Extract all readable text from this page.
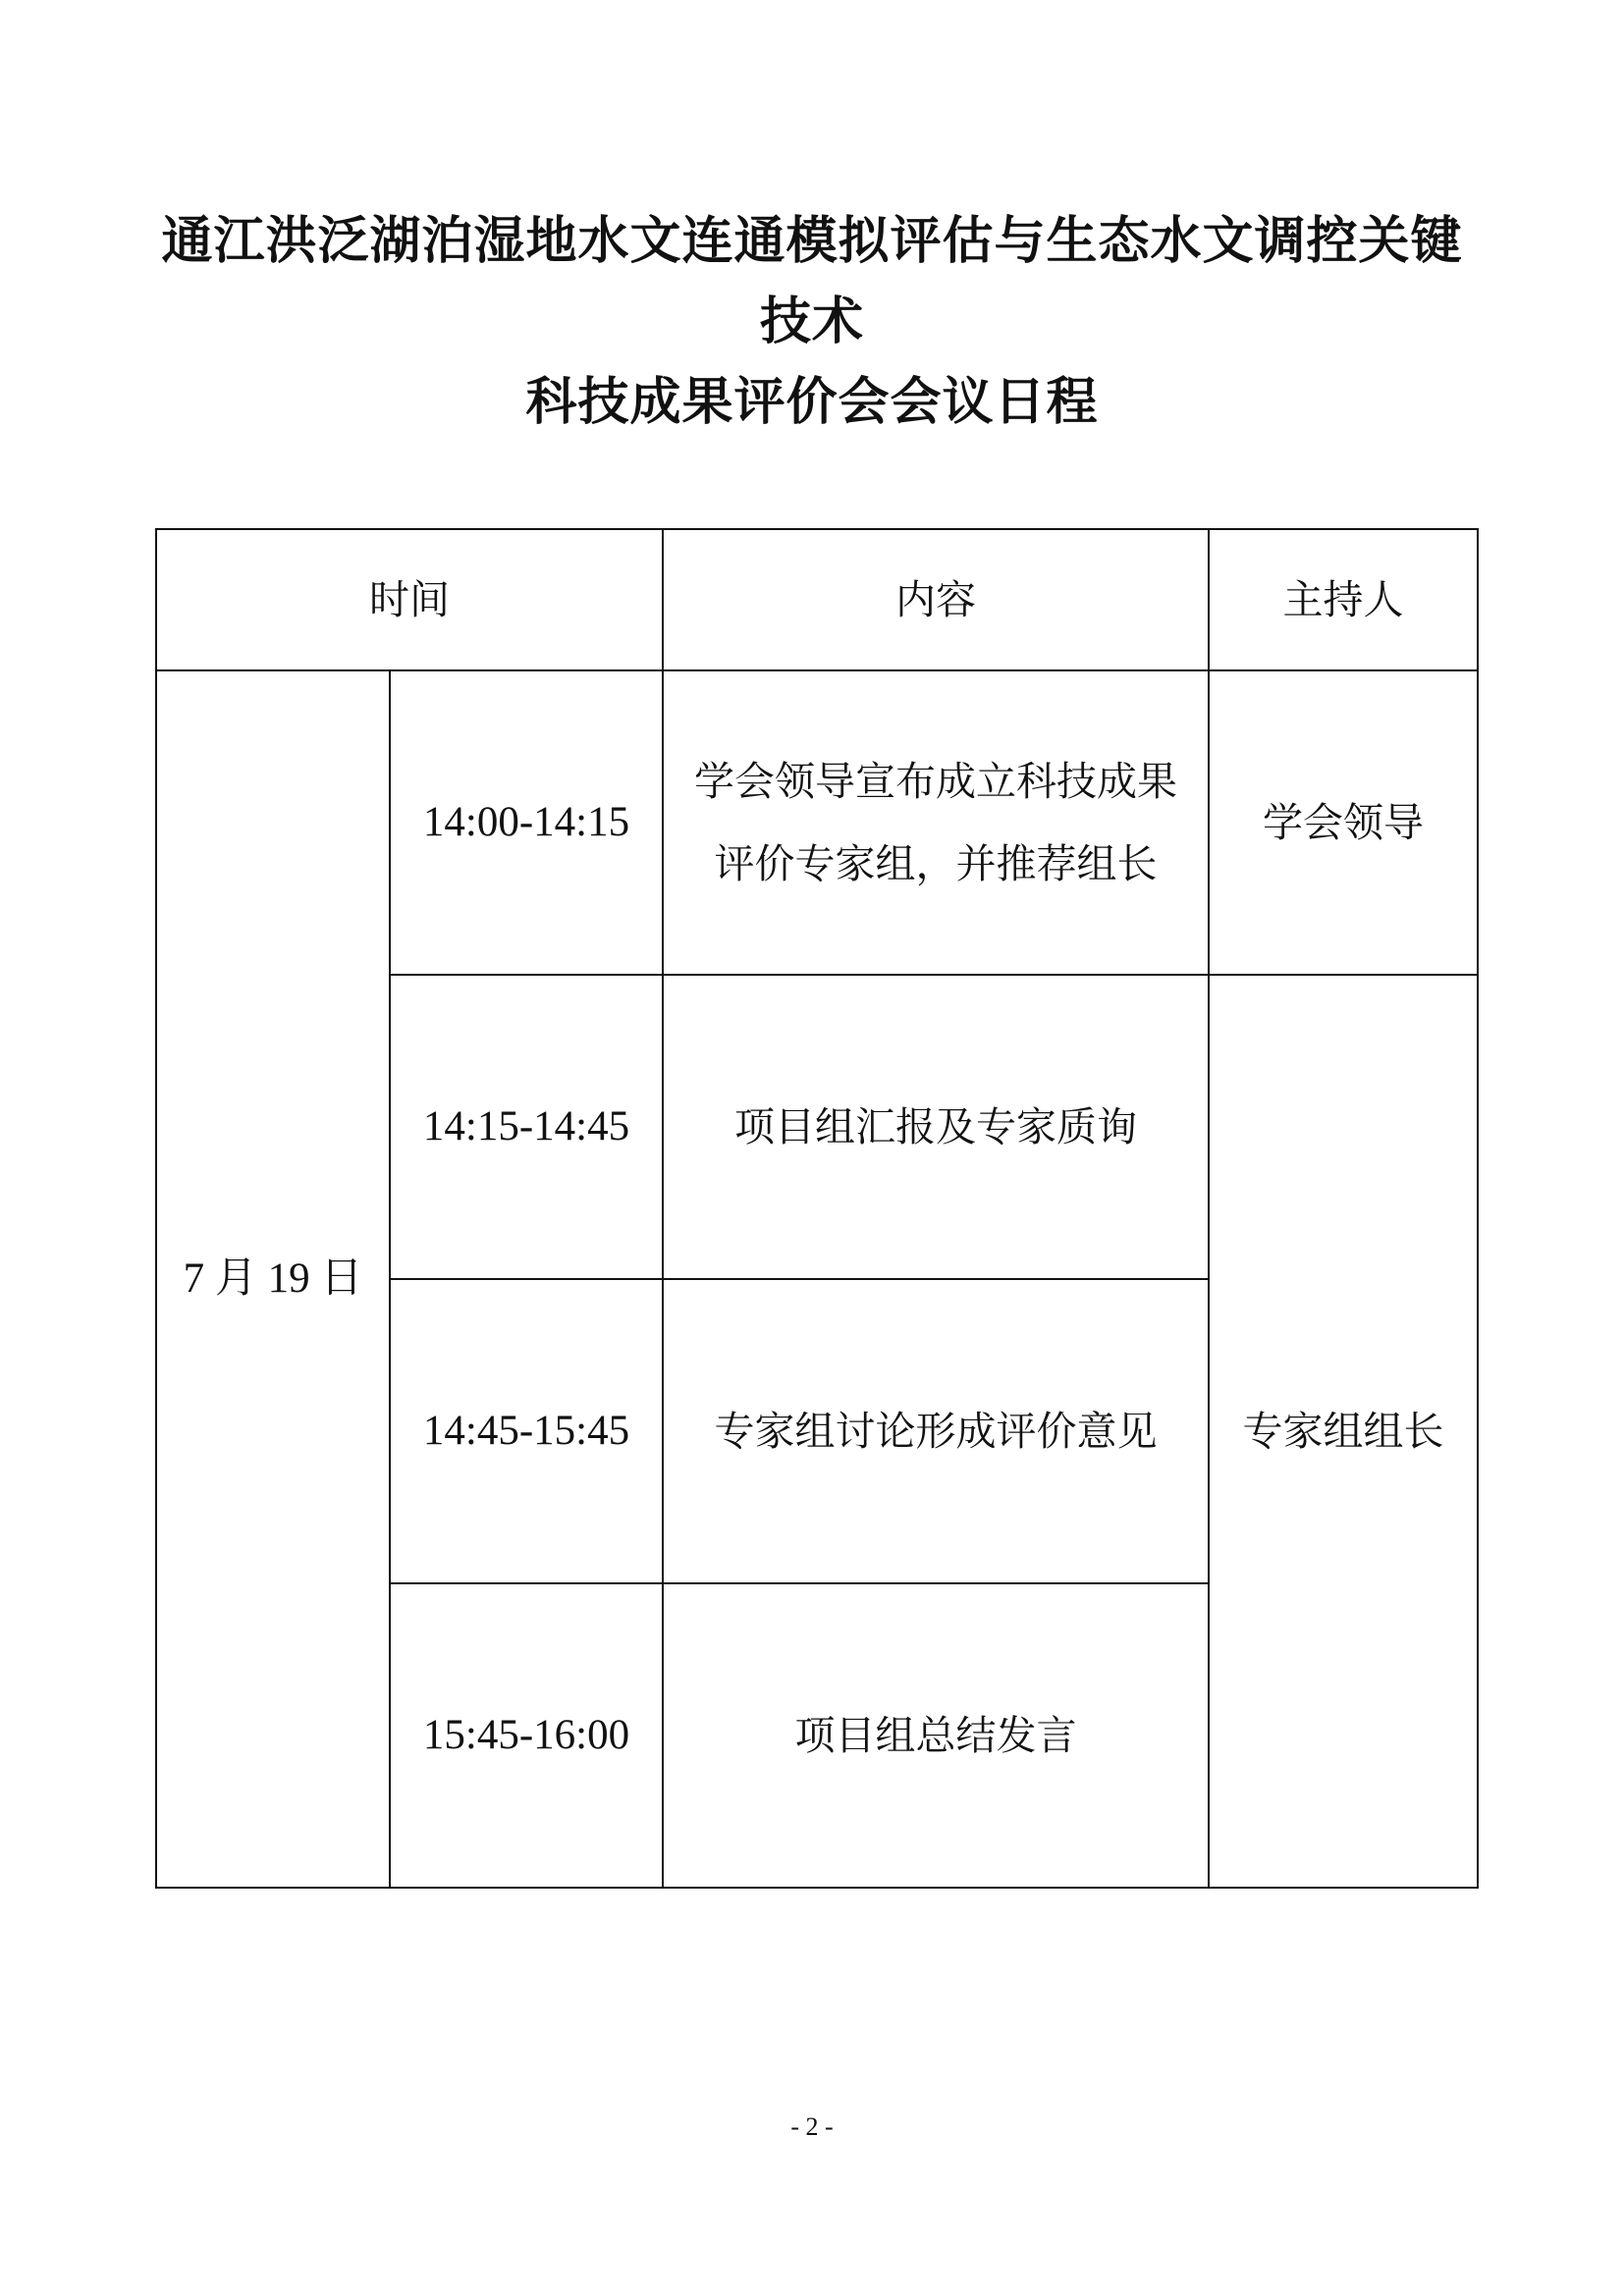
通江洪泛湖泊湿地水文连通模拟评估与生态水文调控关键
技术
科技成果评价会会议日程
时间		内容	主持人
7 月 19 日	14:00-14:15	学会领导宣布成立科技成果评价专家组，并推荐组长	学会领导
	14:15-14:45	项目组汇报及专家质询	专家组组长
	14:45-15:45	专家组讨论形成评价意见	
	15:45-16:00	项目组总结发言	
- 2 -
